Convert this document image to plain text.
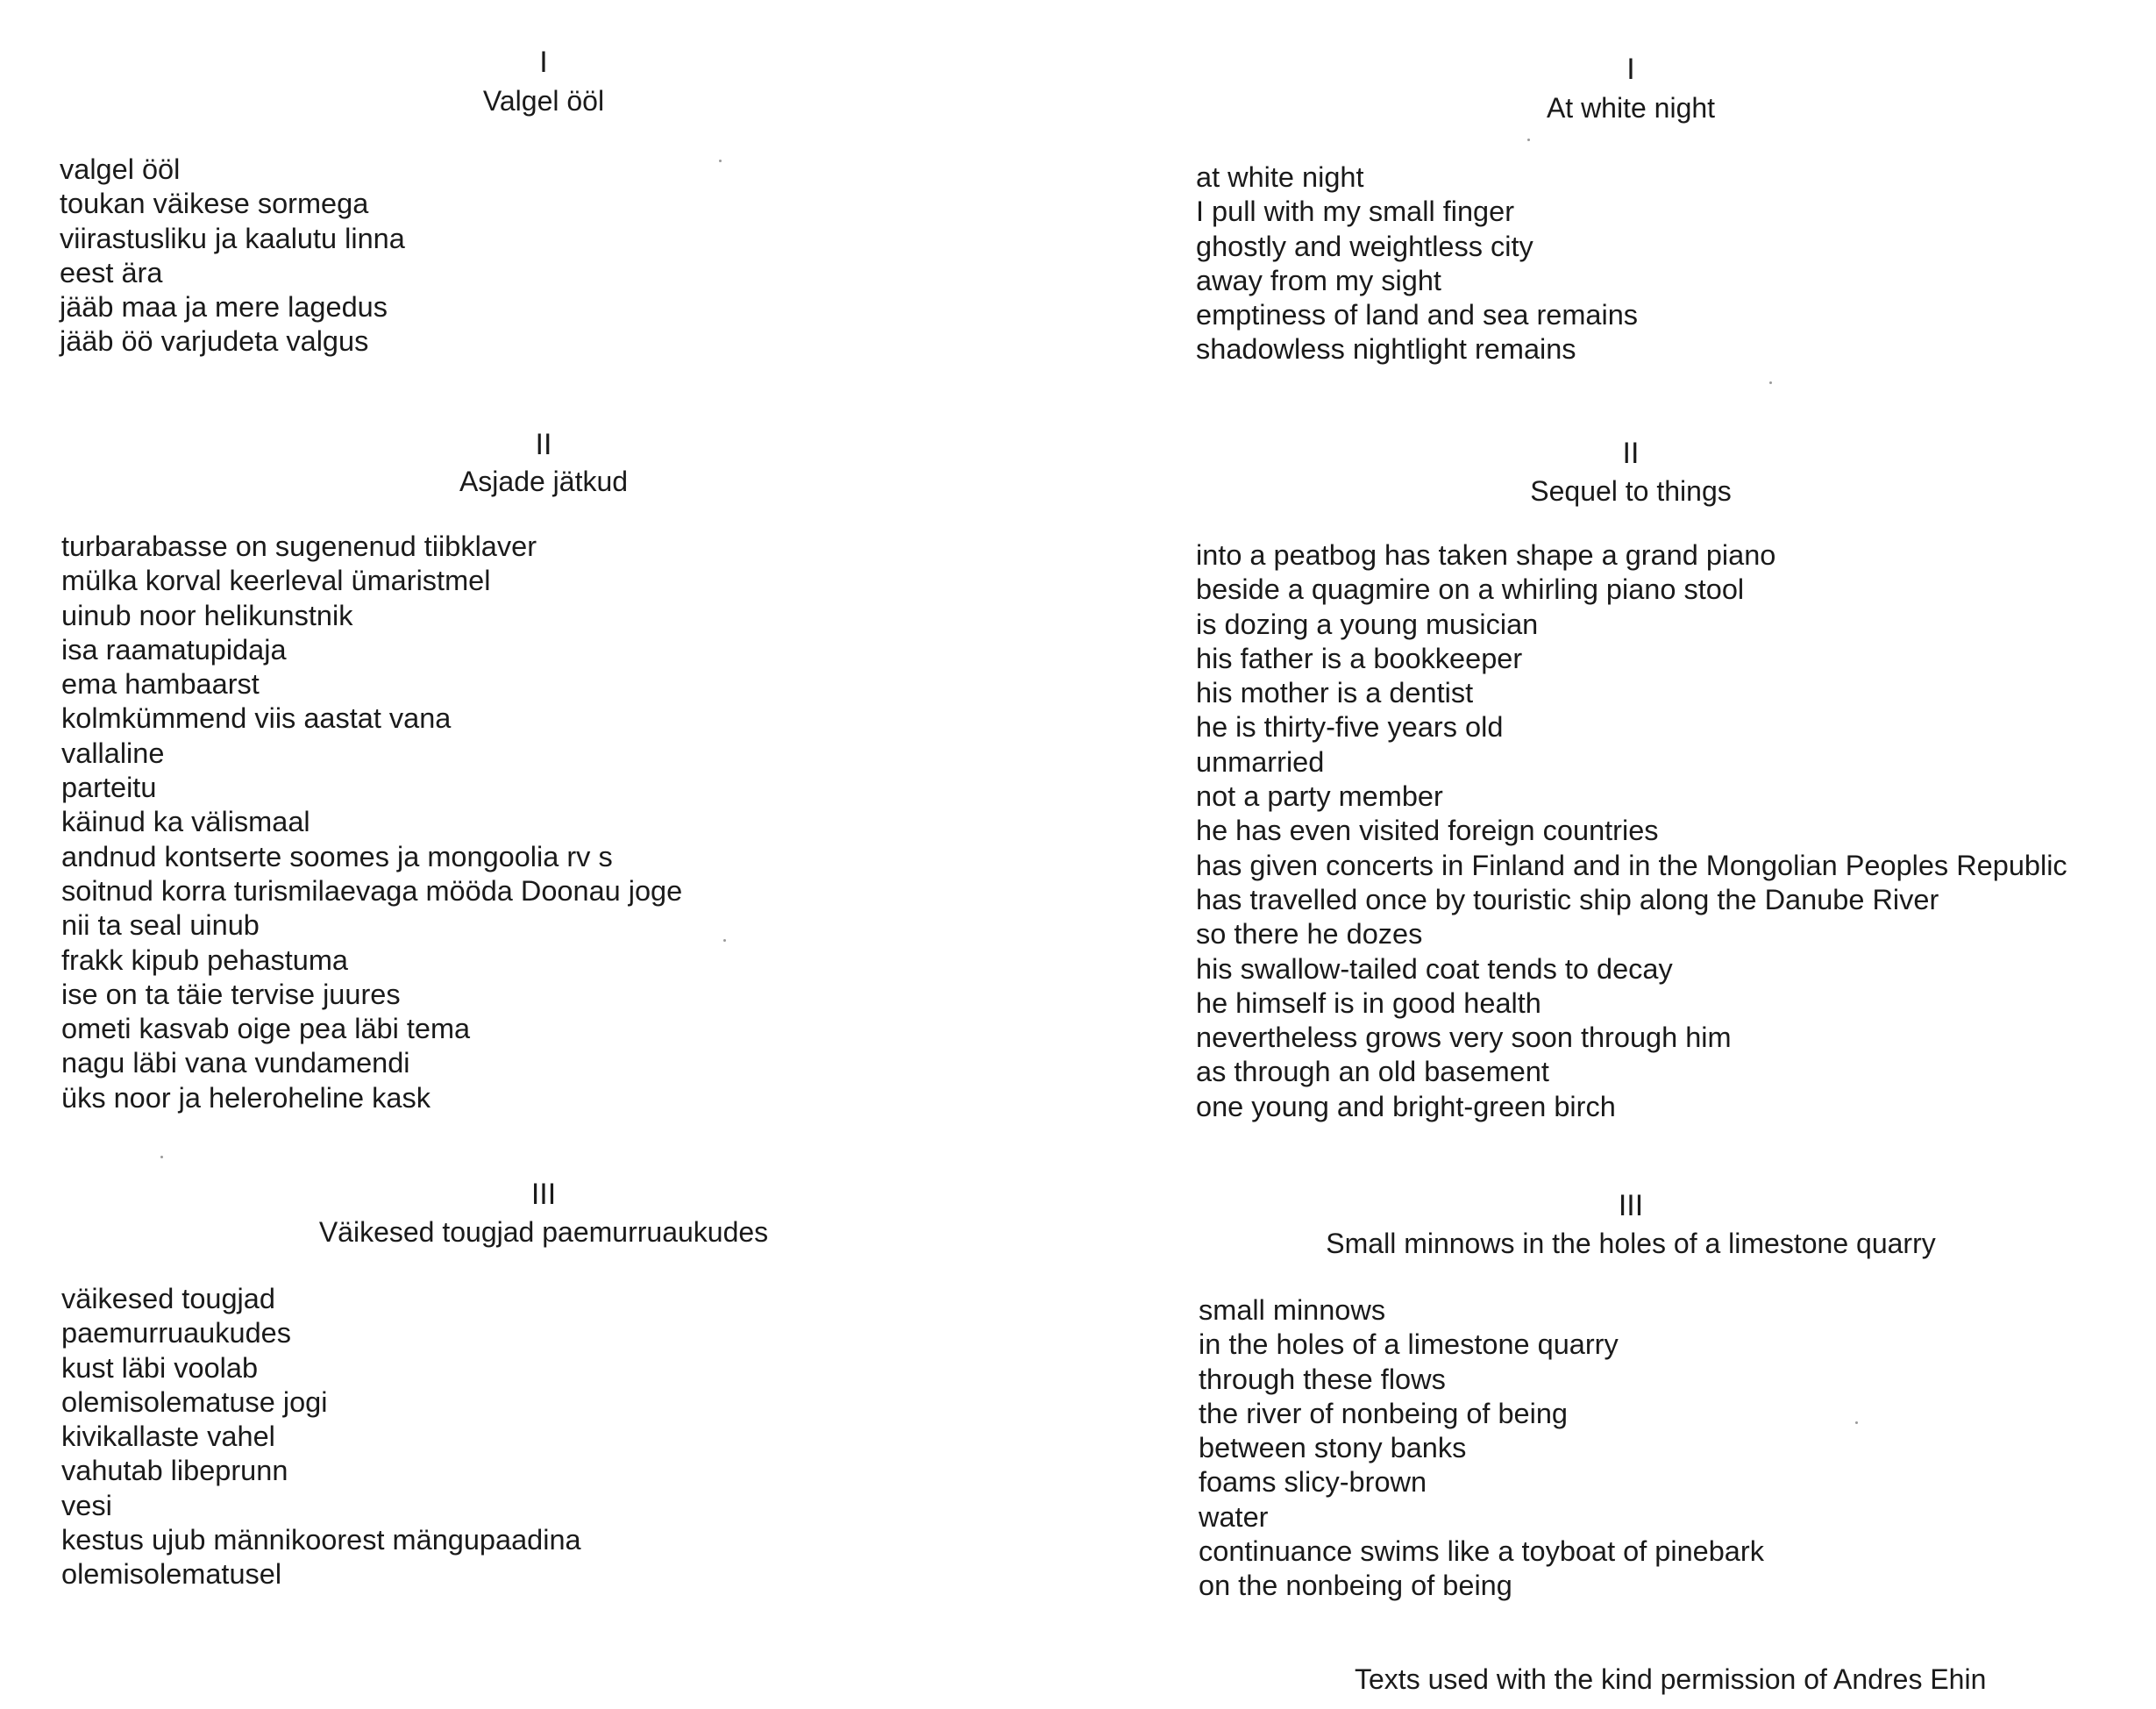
I
Valgel ööl
valgel ööl
toukan väikese sormega
viirastusliku ja kaalutu linna
eest ära
jääb maa ja mere lagedus
jääb öö varjudeta valgus
II
Asjade jätkud
turbarabasse on sugenenud tiibklaver
mülka korval keerleval ümaristmel
uinub noor helikunstnik
isa raamatupidaja
ema hambaarst
kolmkümmend viis aastat vana
vallaline
parteitu
käinud ka välismaal
andnud kontserte soomes ja mongoolia rv s
soitnud korra turismilaevaga mööda Doonau joge
nii ta seal uinub
frakk kipub pehastuma
ise on ta täie tervise juures
ometi kasvab oige pea läbi tema
nagu läbi vana vundamendi
üks noor ja heleroheline kask
III
Väikesed tougjad paemurruaukudes
väikesed tougjad
paemurruaukudes
kust läbi voolab
olemisolematuse jogi
kivikallaste vahel
vahutab libeprunn
vesi
kestus ujub männikoorest mängupaadina
olemisolematusel
I
At white night
at white night
I pull with my small finger
ghostly and weightless city
away from my sight
emptiness of land and sea remains
shadowless nightlight remains
II
Sequel to things
into a peatbog has taken shape a grand piano
beside a quagmire on a whirling piano stool
is dozing a young musician
his father is a bookkeeper
his mother is a dentist
he is thirty-five years old
unmarried
not a party member
he has even visited foreign countries
has given concerts in Finland and in the Mongolian Peoples Republic
has travelled once by touristic ship along the Danube River
so there he dozes
his swallow-tailed coat tends to decay
he himself is in good health
nevertheless grows very soon through him
as through an old basement
one young and bright-green birch
III
Small minnows in the holes of a limestone quarry
small minnows
in the holes of a limestone quarry
through these flows
the river of nonbeing of being
between stony banks
foams slicy-brown
water
continuance swims like a toyboat of pinebark
on the nonbeing of being
Texts used with the kind permission of Andres Ehin
